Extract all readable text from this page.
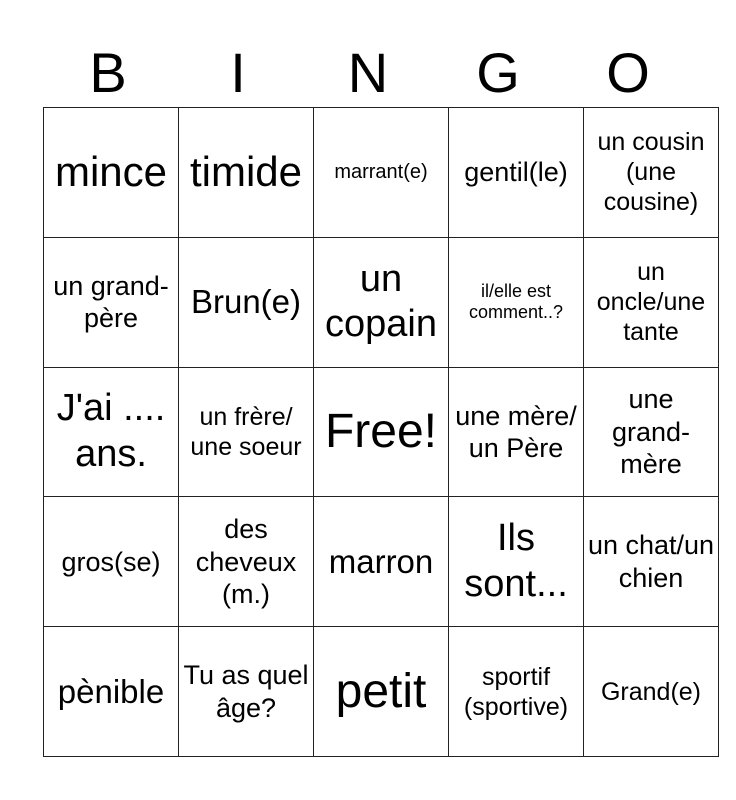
B	I	N	G	O
mince	timide	marrant(e)	gentil(le)	un cousin (une cousine)
un grand-père	Brun(e)	un copain	il/elle est comment..?	un oncle/une tante
J'ai .... ans.	un frère/ une soeur	Free!	une mère/ un Père	une grand-mère
gros(se)	des cheveux (m.)	marron	Ils sont...	un chat/un chien
pènible	Tu as quel âge?	petit	sportif (sportive)	Grand(e)
